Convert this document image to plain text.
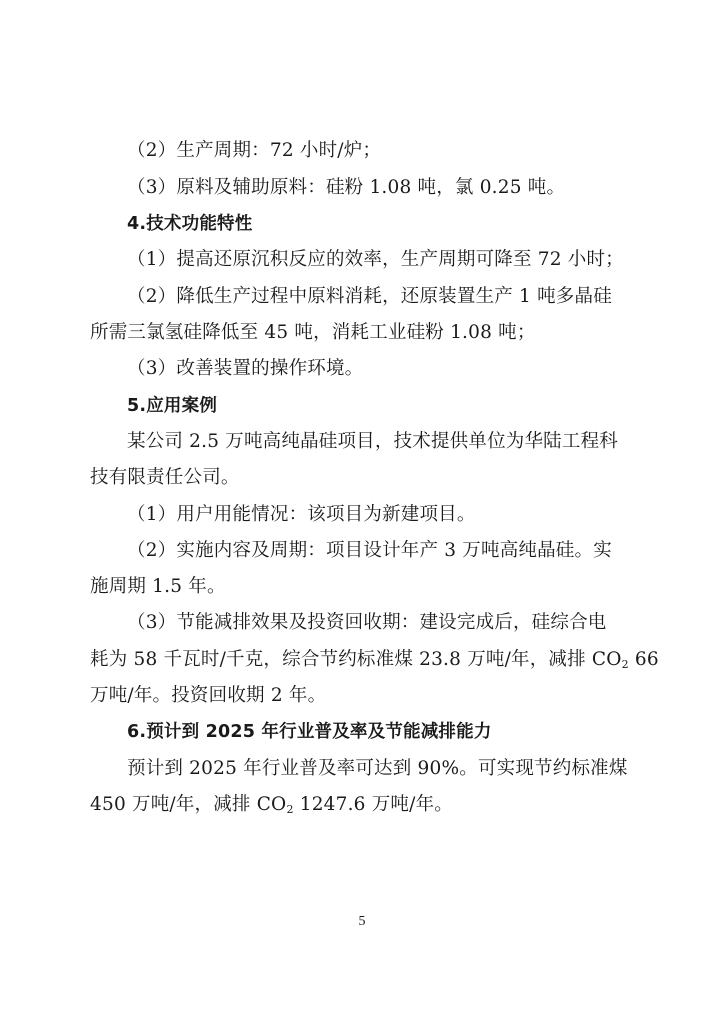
（2）生产周期：72 小时/炉；
（3）原料及辅助原料：硅粉 1.08 吨，氯 0.25 吨。
4.技术功能特性
（1）提高还原沉积反应的效率，生产周期可降至 72 小时；
（2）降低生产过程中原料消耗，还原装置生产 1 吨多晶硅
所需三氯氢硅降低至 45 吨，消耗工业硅粉 1.08 吨；
（3）改善装置的操作环境。
5.应用案例
某公司 2.5 万吨高纯晶硅项目，技术提供单位为华陆工程科
技有限责任公司。
（1）用户用能情况：该项目为新建项目。
（2）实施内容及周期：项目设计年产 3 万吨高纯晶硅。实
施周期 1.5 年。
（3）节能减排效果及投资回收期：建设完成后，硅综合电
耗为 58 千瓦时/千克，综合节约标准煤 23.8 万吨/年，减排 $CO_2$ 66
万吨/年。投资回收期 2 年。
6.预计到 2025 年行业普及率及节能减排能力
预计到 2025 年行业普及率可达到 90%。可实现节约标准煤
450 万吨/年，减排 $CO_2$ 1247.6 万吨/年。
5
